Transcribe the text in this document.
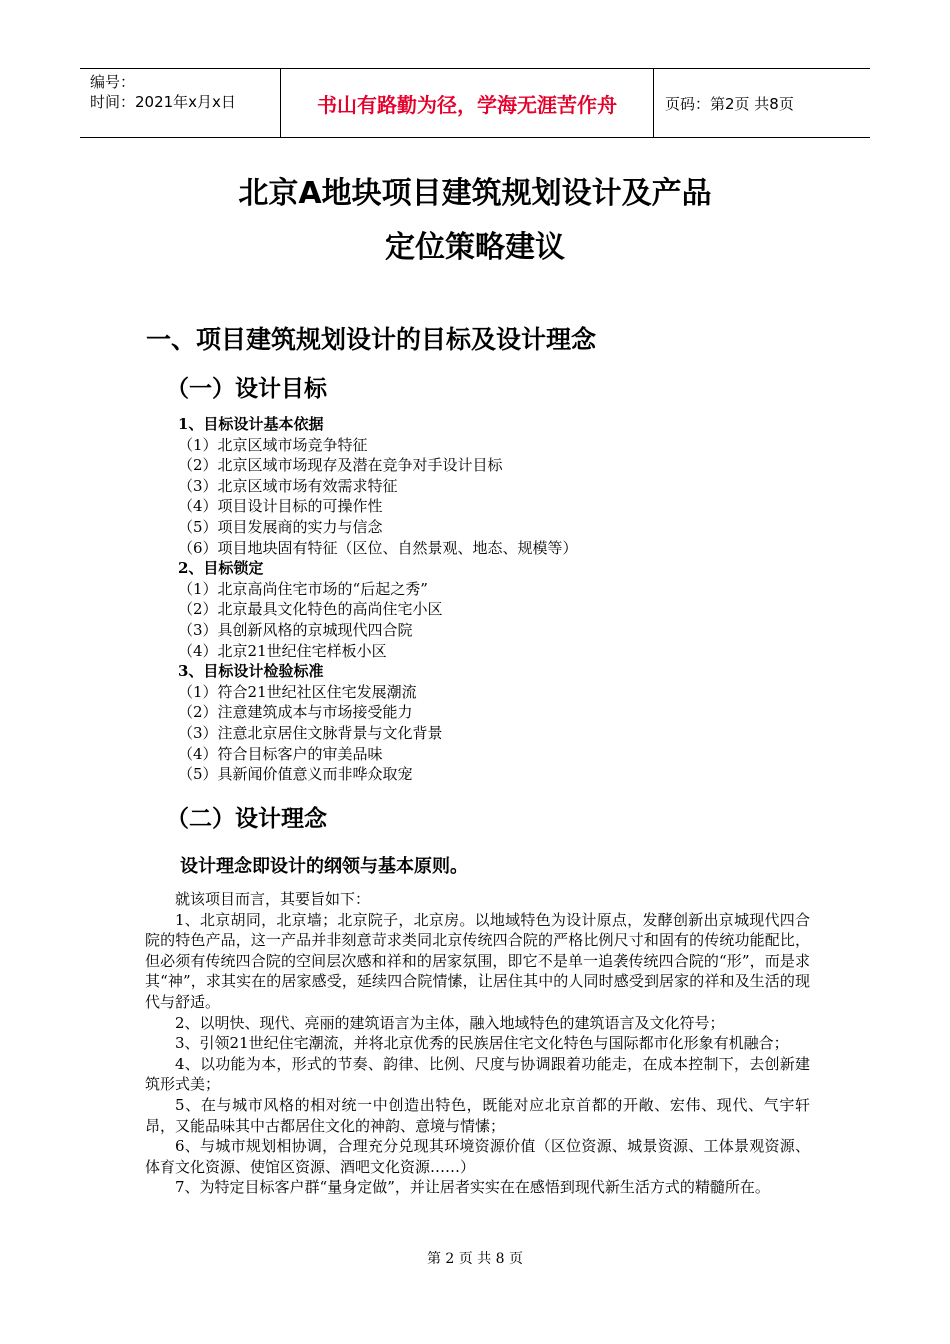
编号：
时间：2021年x月x日	书山有路勤为径，学海无涯苦作舟	页码：第2页 共8页
北京A地块项目建筑规划设计及产品
定位策略建议
一、项目建筑规划设计的目标及设计理念
（一）设计目标
1、目标设计基本依据
（1）北京区域市场竞争特征
（2）北京区域市场现存及潜在竞争对手设计目标
（3）北京区域市场有效需求特征
（4）项目设计目标的可操作性
（5）项目发展商的实力与信念
（6）项目地块固有特征（区位、自然景观、地态、规模等）
2、目标锁定
（1）北京高尚住宅市场的“后起之秀”
（2）北京最具文化特色的高尚住宅小区
（3）具创新风格的京城现代四合院
（4）北京21世纪住宅样板小区
3、目标设计检验标准
（1）符合21世纪社区住宅发展潮流
（2）注意建筑成本与市场接受能力
（3）注意北京居住文脉背景与文化背景
（4）符合目标客户的审美品味
（5）具新闻价值意义而非哗众取宠
（二）设计理念
设计理念即设计的纲领与基本原则。

就该项目而言，其要旨如下：

1、北京胡同，北京墙；北京院子，北京房。以地域特色为设计原点，发酵创新出京城现代四合院的特色产品，这一产品并非刻意苛求类同北京传统四合院的严格比例尺寸和固有的传统功能配比，但必须有传统四合院的空间层次感和祥和的居家氛围，即它不是单一追袭传统四合院的“形”，而是求其“神”，求其实在的居家感受，延续四合院情愫，让居住其中的人同时感受到居家的祥和及生活的现代与舒适。

2、以明快、现代、亮丽的建筑语言为主体，融入地域特色的建筑语言及文化符号；

3、引领21世纪住宅潮流，并将北京优秀的民族居住宅文化特色与国际都市化形象有机融合；

4、以功能为本，形式的节奏、韵律、比例、尺度与协调跟着功能走，在成本控制下，去创新建筑形式美；

5、在与城市风格的相对统一中创造出特色，既能对应北京首都的开敞、宏伟、现代、气宇轩昂，又能品味其中古都居住文化的神韵、意境与情愫；

6、与城市规划相协调，合理充分兑现其环境资源价值（区位资源、城景资源、工体景观资源、体育文化资源、使馆区资源、酒吧文化资源……）

7、为特定目标客户群“量身定做”，并让居者实实在在感悟到现代新生活方式的精髓所在。

第 2 页 共 8 页
